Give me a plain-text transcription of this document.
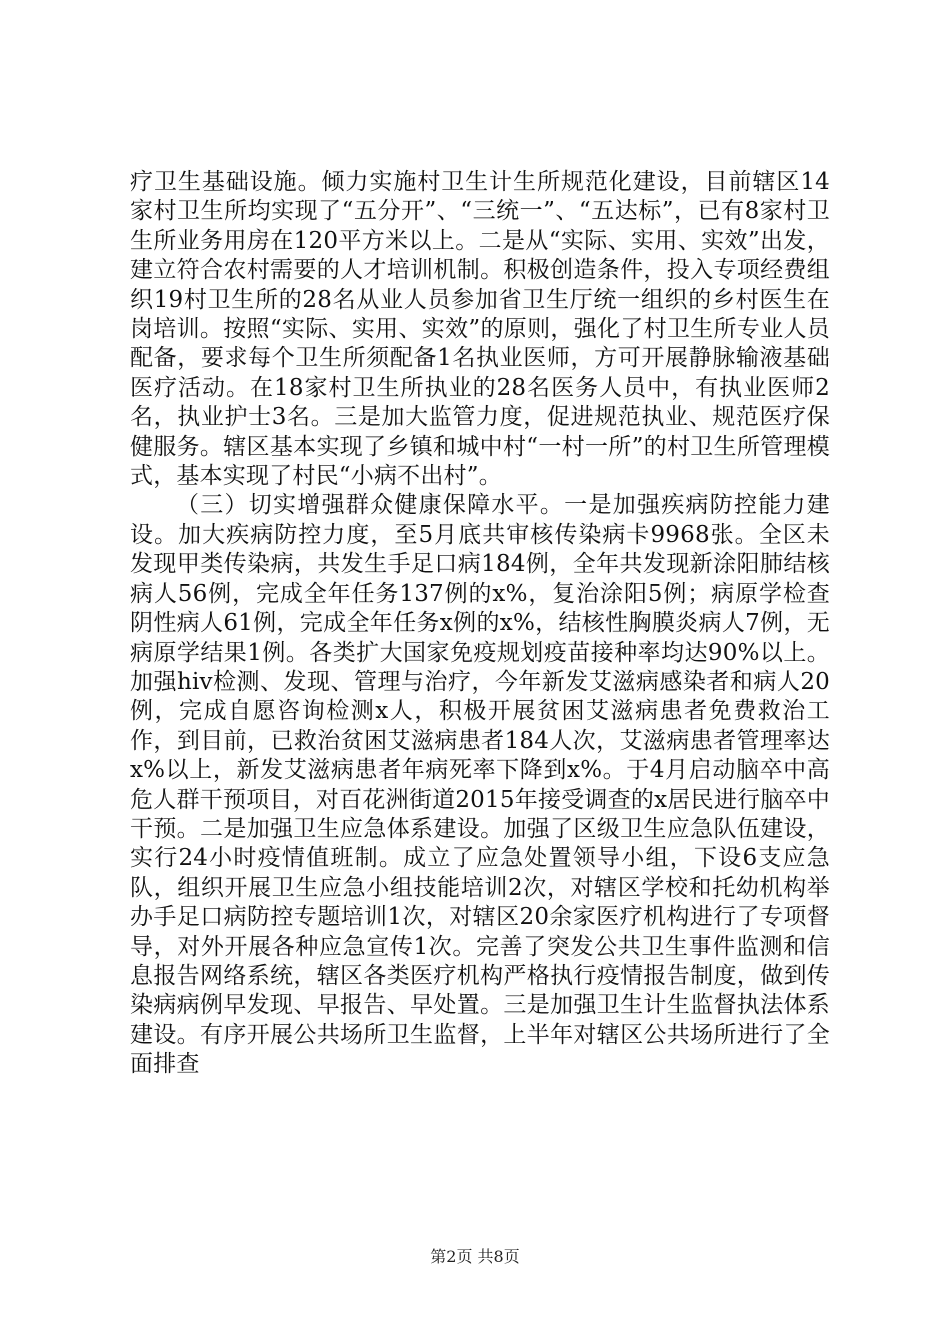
疗卫生基础设施。倾力实施村卫生计生所规范化建设，目前辖区14家村卫生所均实现了“五分开”、“三统一”、“五达标”，已有8家村卫生所业务用房在120平方米以上。二是从“实际、实用、实效”出发，建立符合农村需要的人才培训机制。积极创造条件，投入专项经费组织19村卫生所的28名从业人员参加省卫生厅统一组织的乡村医生在岗培训。按照“实际、实用、实效”的原则，强化了村卫生所专业人员配备，要求每个卫生所须配备1名执业医师，方可开展静脉输液基础医疗活动。在18家村卫生所执业的28名医务人员中，有执业医师2名，执业护士3名。三是加大监管力度，促进规范执业、规范医疗保健服务。辖区基本实现了乡镇和城中村“一村一所”的村卫生所管理模式，基本实现了村民“小病不出村”。

（三）切实增强群众健康保障水平。一是加强疾病防控能力建设。加大疾病防控力度，至5月底共审核传染病卡9968张。全区未发现甲类传染病，共发生手足口病184例，全年共发现新涂阳肺结核病人56例，完成全年任务137例的x%，复治涂阳5例；病原学检查阴性病人61例，完成全年任务x例的x%，结核性胸膜炎病人7例，无病原学结果1例。各类扩大国家免疫规划疫苗接种率均达90%以上。加强hiv检测、发现、管理与治疗，今年新发艾滋病感染者和病人20例，完成自愿咨询检测x人，积极开展贫困艾滋病患者免费救治工作，到目前，已救治贫困艾滋病患者184人次，艾滋病患者管理率达x%以上，新发艾滋病患者年病死率下降到x%。于4月启动脑卒中高危人群干预项目，对百花洲街道2015年接受调查的x居民进行脑卒中干预。二是加强卫生应急体系建设。加强了区级卫生应急队伍建设，实行24小时疫情值班制。成立了应急处置领导小组，下设6支应急队，组织开展卫生应急小组技能培训2次，对辖区学校和托幼机构举办手足口病防控专题培训1次，对辖区20余家医疗机构进行了专项督导，对外开展各种应急宣传1次。完善了突发公共卫生事件监测和信息报告网络系统，辖区各类医疗机构严格执行疫情报告制度，做到传染病病例早发现、早报告、早处置。三是加强卫生计生监督执法体系建设。有序开展公共场所卫生监督，上半年对辖区公共场所进行了全面排查

第2页 共8页
